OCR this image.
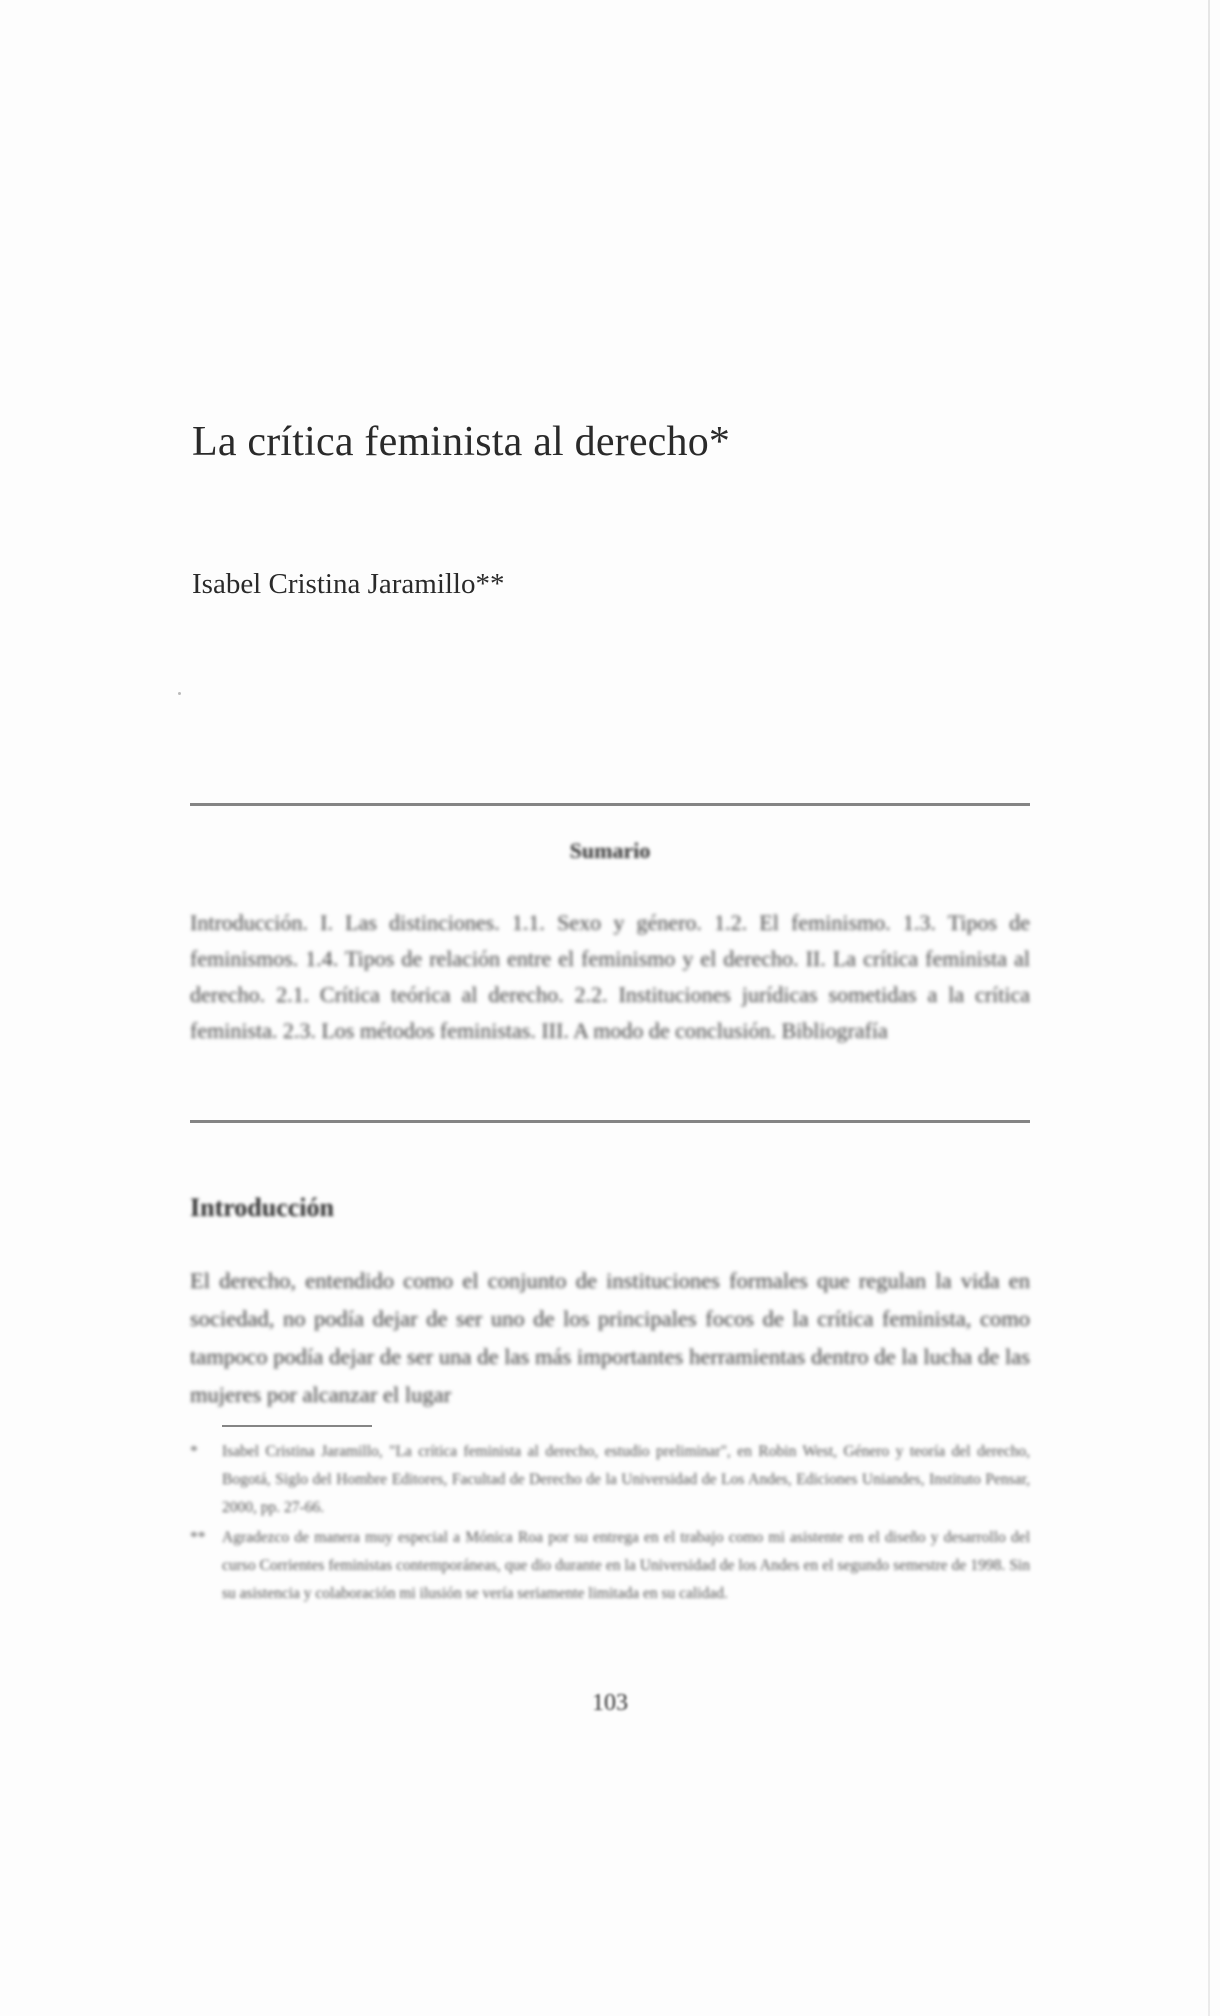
La crítica feminista al derecho*
Isabel Cristina Jaramillo**
Sumario
Introducción. I. Las distinciones. 1.1. Sexo y género. 1.2. El feminismo. 1.3. Tipos de feminismos. 1.4. Tipos de relación entre el feminismo y el derecho. II. La crítica feminista al derecho. 2.1. Crítica teórica al derecho. 2.2. Instituciones jurídicas sometidas a la crítica feminista. 2.3. Los métodos feministas. III. A modo de conclusión. Bibliografía
Introducción
El derecho, entendido como el conjunto de instituciones formales que regulan la vida en sociedad, no podía dejar de ser uno de los principales focos de la crítica feminista, como tampoco podía dejar de ser una de las más importantes herramientas dentro de la lucha de las mujeres por alcanzar el lugar
*	Isabel Cristina Jaramillo, "La crítica feminista al derecho, estudio preliminar", en Robin West, Género y teoría del derecho, Bogotá, Siglo del Hombre Editores, Facultad de Derecho de la Universidad de Los Andes, Ediciones Uniandes, Instituto Pensar, 2000, pp. 27-66.
**	Agradezco de manera muy especial a Mónica Roa por su entrega en el trabajo como mi asistente en el diseño y desarrollo del curso Corrientes feministas contemporáneas, que dio durante en la Universidad de los Andes en el segundo semestre de 1998. Sin su asistencia y colaboración mi ilusión se vería seriamente limitada en su calidad.
103
